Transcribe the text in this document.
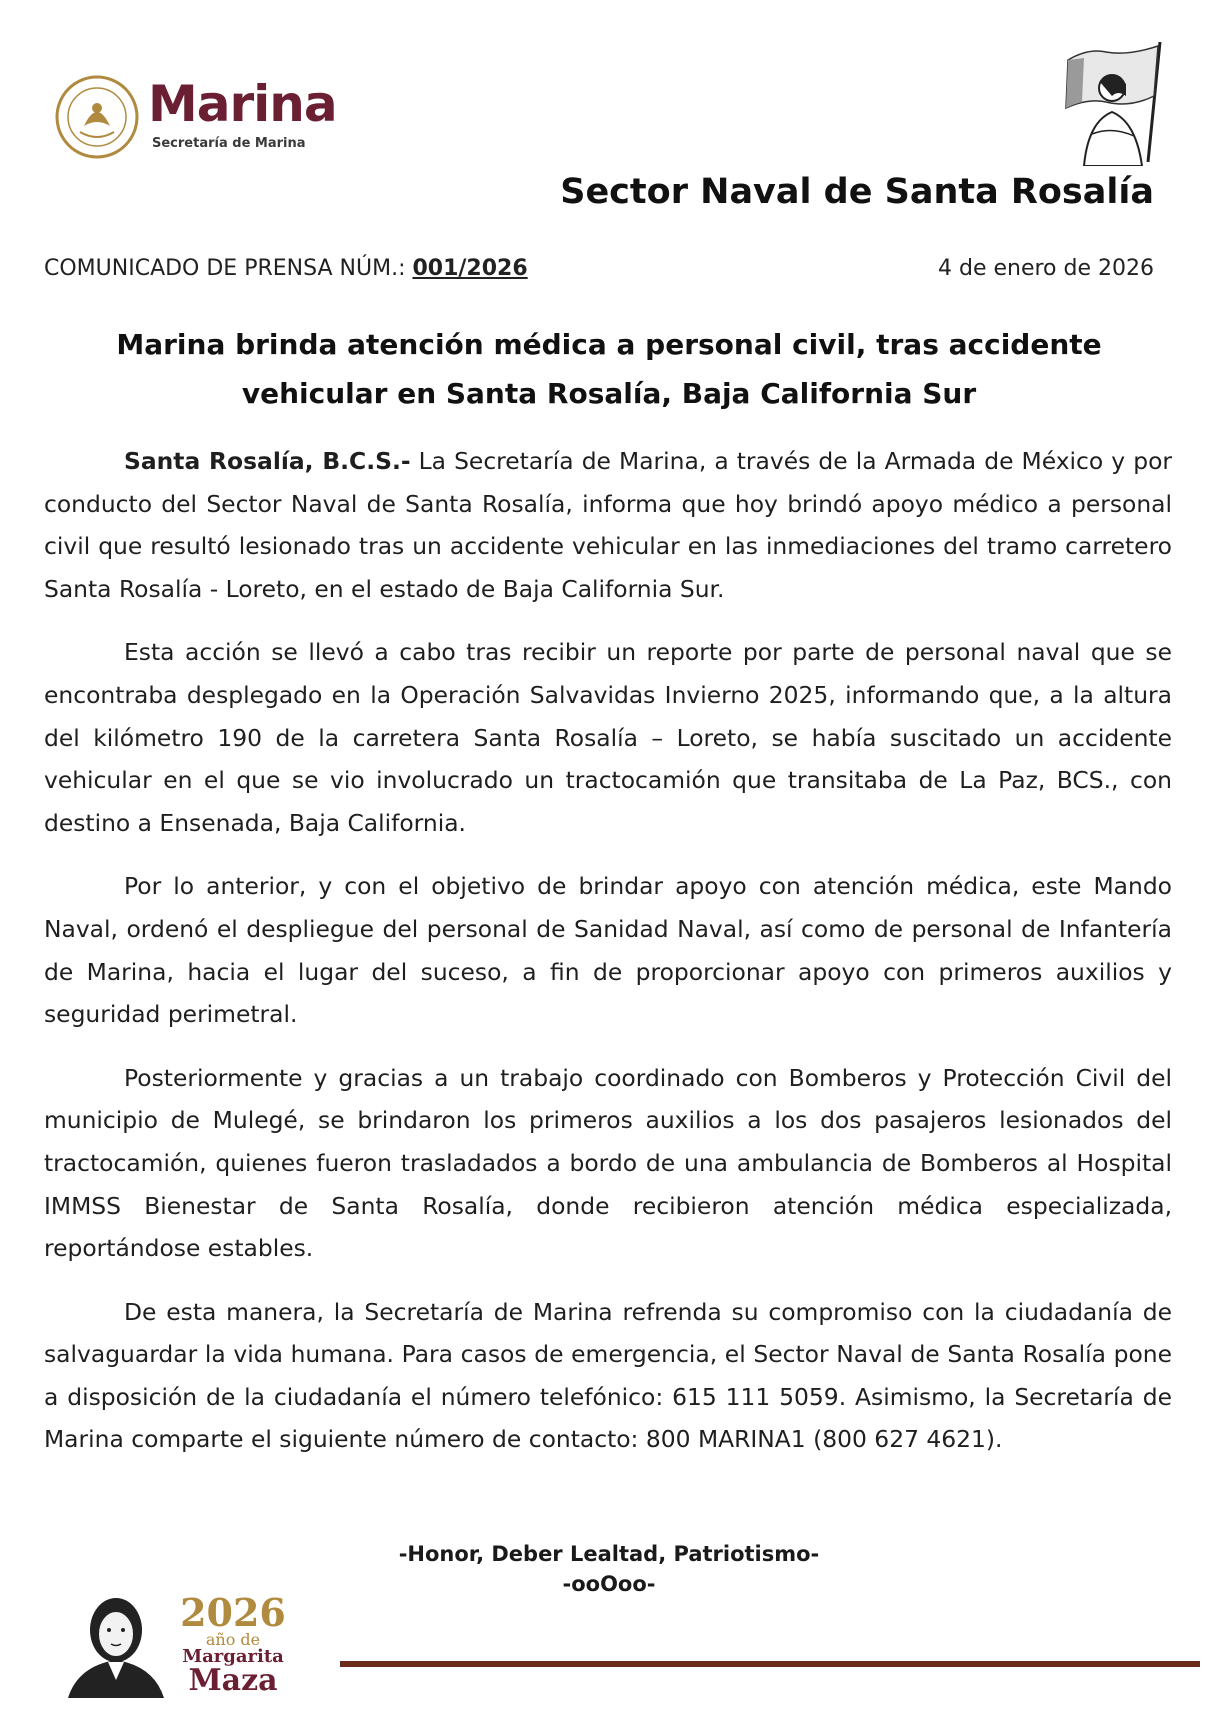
Marina
Secretaría de Marina
Sector Naval de Santa Rosalía
COMUNICADO DE PRENSA NÚM.: 001/2026	4 de enero de 2026
Marina brinda atención médica a personal civil, tras accidente vehicular en Santa Rosalía, Baja California Sur

Santa Rosalía, B.C.S.- La Secretaría de Marina, a través de la Armada de México y por conducto del Sector Naval de Santa Rosalía, informa que hoy brindó apoyo médico a personal civil que resultó lesionado tras un accidente vehicular en las inmediaciones del tramo carretero Santa Rosalía - Loreto, en el estado de Baja California Sur.

Esta acción se llevó a cabo tras recibir un reporte por parte de personal naval que se encontraba desplegado en la Operación Salvavidas Invierno 2025, informando que, a la altura del kilómetro 190 de la carretera Santa Rosalía – Loreto, se había suscitado un accidente vehicular en el que se vio involucrado un tractocamión que transitaba de La Paz, BCS., con destino a Ensenada, Baja California.

Por lo anterior, y con el objetivo de brindar apoyo con atención médica, este Mando Naval, ordenó el despliegue del personal de Sanidad Naval, así como de personal de Infantería de Marina, hacia el lugar del suceso, a fin de proporcionar apoyo con primeros auxilios y seguridad perimetral.

Posteriormente y gracias a un trabajo coordinado con Bomberos y Protección Civil del municipio de Mulegé, se brindaron los primeros auxilios a los dos pasajeros lesionados del tractocamión, quienes fueron trasladados a bordo de una ambulancia de Bomberos al Hospital IMMSS Bienestar de Santa Rosalía, donde recibieron atención médica especializada, reportándose estables.

De esta manera, la Secretaría de Marina refrenda su compromiso con la ciudadanía de salvaguardar la vida humana. Para casos de emergencia, el Sector Naval de Santa Rosalía pone a disposición de la ciudadanía el número telefónico: 615 111 5059. Asimismo, la Secretaría de Marina comparte el siguiente número de contacto: 800 MARINA1 (800 627 4621).

-Honor, Deber Lealtad, Patriotismo-
-ooOoo-
2026
año de
Margarita
Maza
